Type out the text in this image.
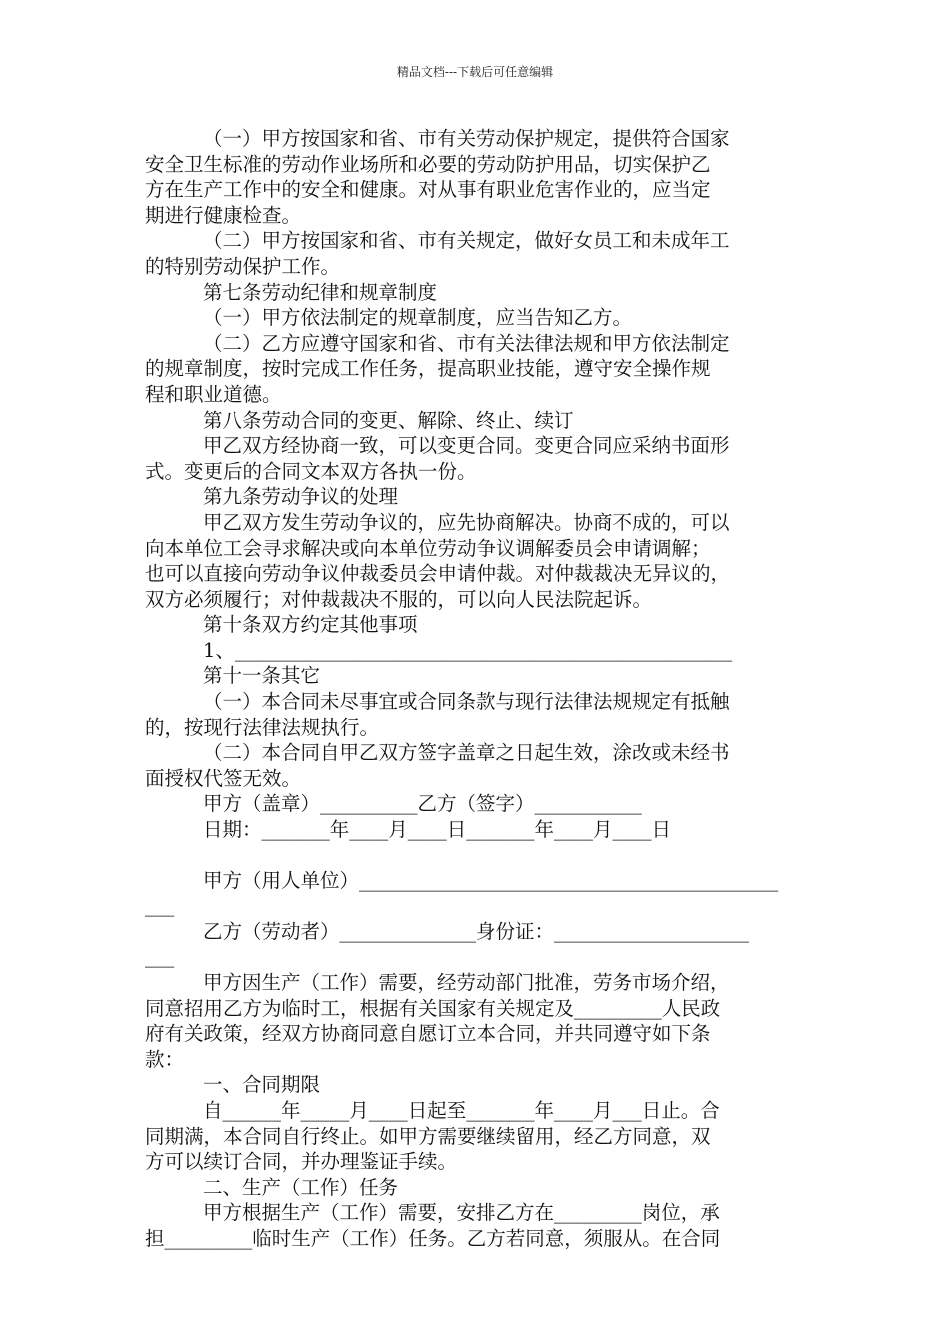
精品文档---下载后可任意编辑

（一）甲方按国家和省、市有关劳动保护规定，提供符合国家

安全卫生标准的劳动作业场所和必要的劳动防护用品，切实保护乙

方在生产工作中的安全和健康。对从事有职业危害作业的，应当定

期进行健康检查。

（二）甲方按国家和省、市有关规定，做好女员工和未成年工

的特别劳动保护工作。

第七条劳动纪律和规章制度

（一）甲方依法制定的规章制度，应当告知乙方。

（二）乙方应遵守国家和省、市有关法律法规和甲方依法制定

的规章制度，按时完成工作任务，提高职业技能，遵守安全操作规

程和职业道德。

第八条劳动合同的变更、解除、终止、续订

甲乙双方经协商一致，可以变更合同。变更合同应采纳书面形

式。变更后的合同文本双方各执一份。

第九条劳动争议的处理

甲乙双方发生劳动争议的，应先协商解决。协商不成的，可以

向本单位工会寻求解决或向本单位劳动争议调解委员会申请调解；

也可以直接向劳动争议仲裁委员会申请仲裁。对仲裁裁决无异议的，

双方必须履行；对仲裁裁决不服的，可以向人民法院起诉。

第十条双方约定其他事项

1、___________________________________________________

第十一条其它

（一）本合同未尽事宜或合同条款与现行法律法规规定有抵触

的，按现行法律法规执行。

（二）本合同自甲乙双方签字盖章之日起生效，涂改或未经书

面授权代签无效。

甲方（盖章）__________乙方（签字）___________

日期：_______年____月____日_______年____月____日

甲方（用人单位）___________________________________________

___

乙方（劳动者）______________身份证：____________________

___

甲方因生产（工作）需要，经劳动部门批准，劳务市场介绍，

同意招用乙方为临时工，根据有关国家有关规定及_________人民政

府有关政策，经双方协商同意自愿订立本合同，并共同遵守如下条

款：

一、合同期限

自______年_____月____日起至_______年____月___日止。合

同期满，本合同自行终止。如甲方需要继续留用，经乙方同意，双

方可以续订合同，并办理鉴证手续。

二、生产（工作）任务

甲方根据生产（工作）需要，安排乙方在_________岗位，承

担_________临时生产（工作）任务。乙方若同意，须服从。在合同
